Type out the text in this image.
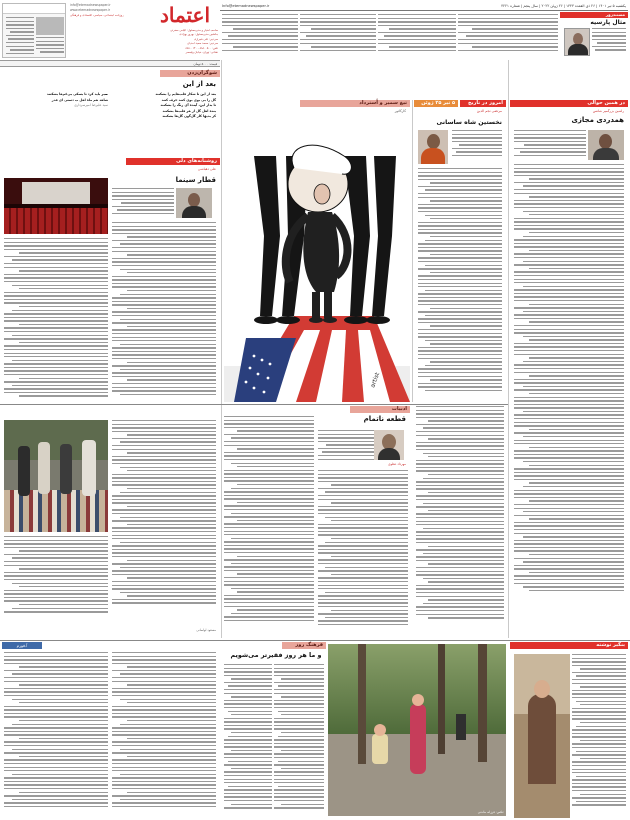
info@etemadnewspaper.ir
www.etemadnewspaper.ir
روزنامه اجتماعی، سیاسی، اقتصادی و فرهنگی	اعتماد
صاحب امتیاز و مدیرمسئول: الیاس حضرتی
جانشین مدیرمسئول: بهروز بهزادی
سردبیر: علی شیرازی
سردبیر: محمد سعید احدیان
تلفن: ۸۸۸۰۰۵۰۰ - ۸۸۸۰۰۱۴۰
نشانی: تهران، خیابان ولیعصر
یکشنبه ۵ تیر ۱۴۰۱ | ۲۶ ذی القعده ۱۴۴۳ | ۲۶ ژوئن ۲۰۲۲ | سال پنجم | شماره ۴۲۲۱
Info@etemadnewspaper.ir
مستندزور
مثال پارسیه
قیمت: ۵۰۰۰ تومان
شوگران‌زدن
بعد از این
بعد از این تا شکار قلب‌هایم را بشکنند
گل را بی بوی بوی کنند حرف کنند
تا بدار این، آینده آی رنگ را بشکنند
بنده اهل گل از هر قلب‌ها بشکنند
کز بدیها کار گل‌گون گل‌ها بشکنند
صبر باید کرد تا بسکی بی‌غم‌ها بشکنند
شاهد هم ماه اهل ب دستی ای قدر
سید علیرضا امیرسرداری
روشنانه‌های دلی
قطار سینما
علی دهباشی
تیغ‌ سمیر و اُسترداد
کارکاتور
artist
امروز در تاریخ
۵ تیر ۲۵ ژوئن
مرتضی نجم الدین
نخستین شاه ساسانی
در همین حوالی
راشین بزرگمیر شانس
همدردی مجازی
مسعود لواسانی
ادبیات
قطعه ناتمام
مهرداد دهلوی
آ.فورم	فرهنگ روز
و ما هر روز فقیر‌تر می‌شویم
عکس: فرزانه ماندنی
بنگیر نوشته
